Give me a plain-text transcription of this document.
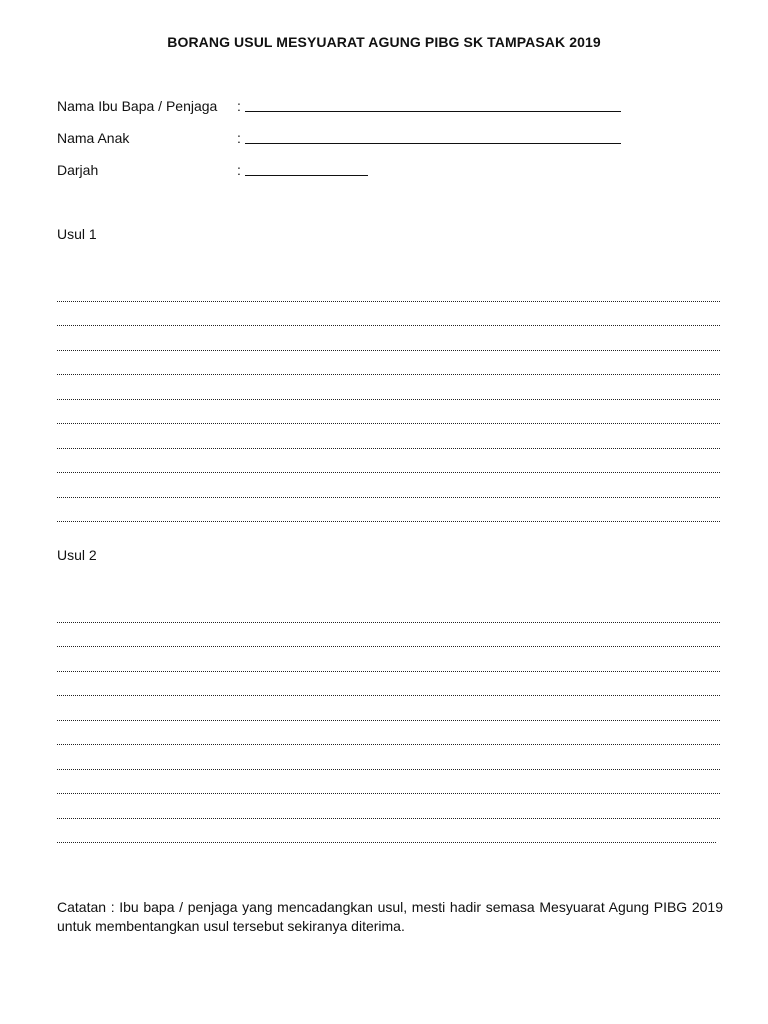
BORANG USUL MESYUARAT AGUNG PIBG SK TAMPASAK 2019
Nama Ibu Bapa / Penjaga :
Nama Anak	:
Darjah	:
Usul 1
Usul 2
Catatan : Ibu bapa / penjaga yang mencadangkan usul, mesti hadir semasa Mesyuarat Agung PIBG 2019 untuk membentangkan usul tersebut sekiranya diterima.
